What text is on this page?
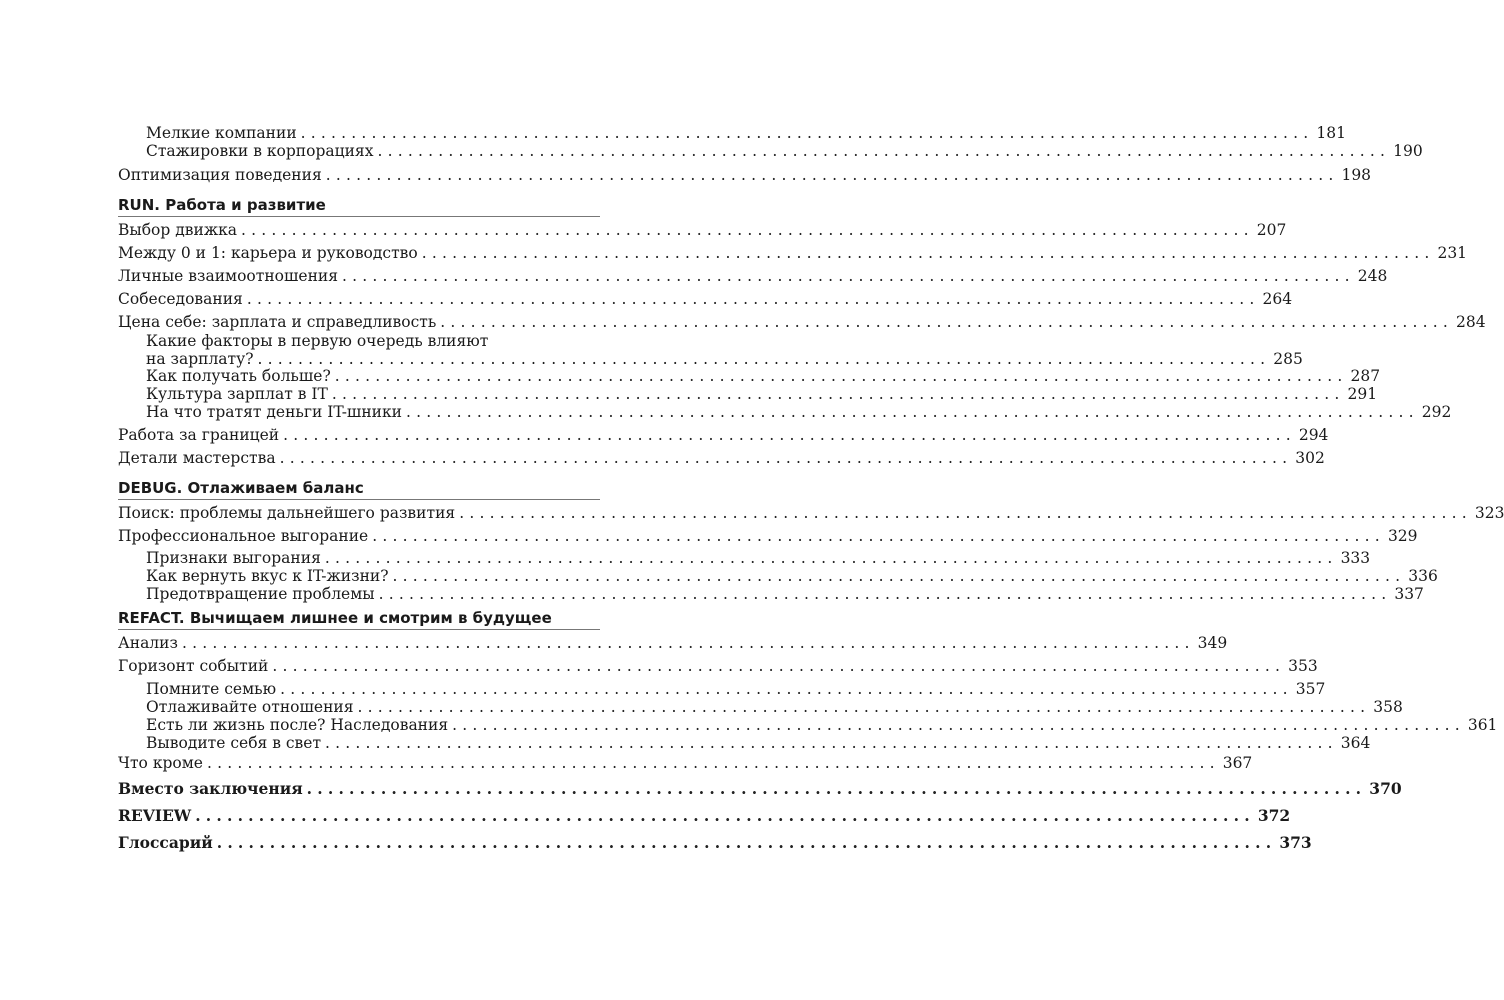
Мелкие компании .................................................................................................... 181
Стажировки в корпорациях .................................................................................................... 190
Оптимизация поведения .................................................................................................... 198
RUN. Работа и развитие
Выбор движка .................................................................................................... 207
Между 0 и 1: карьера и руководство .................................................................................................... 231
Личные взаимоотношения .................................................................................................... 248
Собеседования .................................................................................................... 264
Цена себе: зарплата и справедливость .................................................................................................... 284
Какие факторы в первую очередь влияют
на зарплату? .................................................................................................... 285
Как получать больше? .................................................................................................... 287
Культура зарплат в IT .................................................................................................... 291
На что тратят деньги IT-шники .................................................................................................... 292
Работа за границей .................................................................................................... 294
Детали мастерства .................................................................................................... 302
DEBUG. Отлаживаем баланс
Поиск: проблемы дальнейшего развития .................................................................................................... 323
Профессиональное выгорание .................................................................................................... 329
Признаки выгорания .................................................................................................... 333
Как вернуть вкус к IT-жизни? .................................................................................................... 336
Предотвращение проблемы .................................................................................................... 337
REFACT. Вычищаем лишнее и смотрим в будущее
Анализ .................................................................................................... 349
Горизонт событий .................................................................................................... 353
Помните семью .................................................................................................... 357
Отлаживайте отношения .................................................................................................... 358
Есть ли жизнь после? Наследования .................................................................................................... 361
Выводите себя в свет .................................................................................................... 364
Что кроме .................................................................................................... 367
Вместо заключения .................................................................................................... 370
REVIEW .................................................................................................... 372
Глоссарий .................................................................................................... 373
